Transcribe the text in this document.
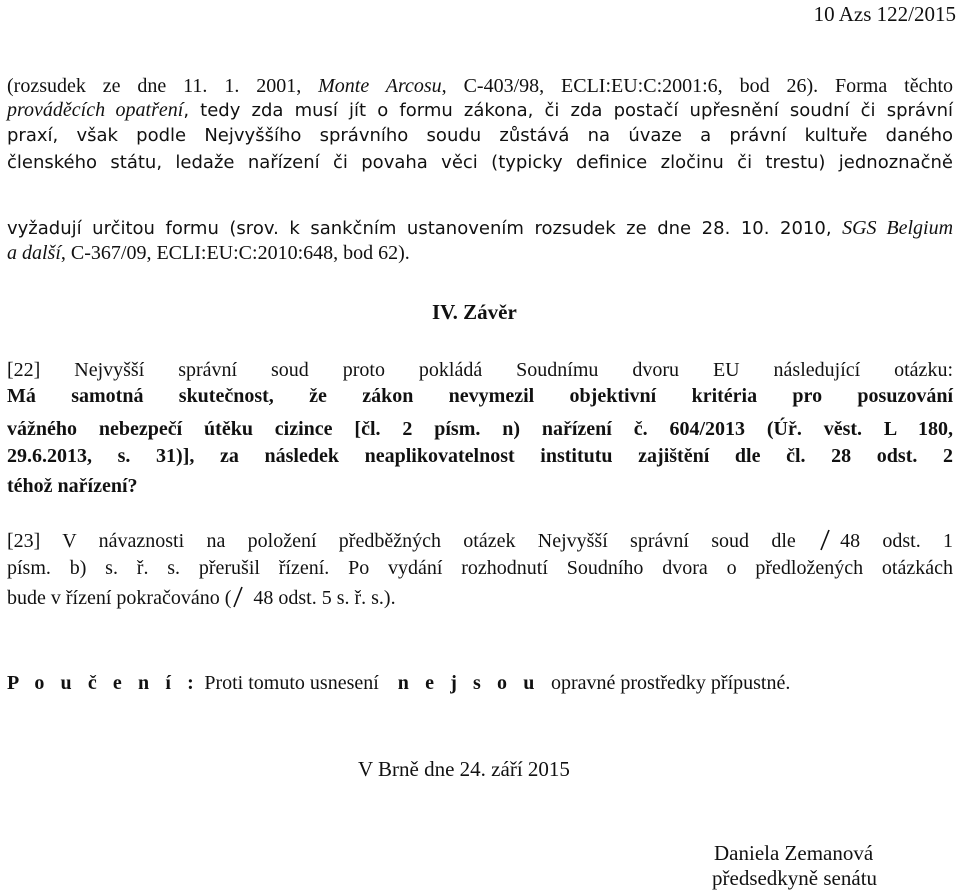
10 Azs 122/2015
(rozsudek ze dne 11. 1. 2001, Monte Arcosu, C-403/98, ECLI:EU:C:2001:6, bod 26). Forma těchto
prováděcích opatření, tedy zda musí jít o formu zákona, či zda postačí upřesnění soudní či správní
praxí, však podle Nejvyššího správního soudu zůstává na úvaze a právní kultuře daného
členského státu, ledaže nařízení či povaha věci (typicky definice zločinu či trestu) jednoznačně
vyžadují určitou formu (srov. k sankčním ustanovením rozsudek ze dne 28. 10. 2010, SGS Belgium
a další, C-367/09, ECLI:EU:C:2010:648, bod 62).
IV. Závěr
[22] Nejvyšší správní soud proto pokládá Soudnímu dvoru EU následující otázku:
Má samotná skutečnost, že zákon nevymezil objektivní kritéria pro posuzování
vážného nebezpečí útěku cizince [čl. 2 písm. n) nařízení č. 604/2013 (Úř. věst. L 180,
29.6.2013, s. 31)], za následek neaplikovatelnost institutu zajištění dle čl. 28 odst. 2
téhož nařízení?
[23] V návaznosti na položení předběžných otázek Nejvyšší správní soud dle 48 odst. 1
písm. b) s. ř. s. přerušil řízení. Po vydání rozhodnutí Soudního dvora o předložených otázkách
bude v řízení pokračováno ( 48 odst. 5 s. ř. s.).
P o u č e n í : Proti tomuto usnesení n e j s o u opravné prostředky přípustné.
V Brně dne 24. září 2015
Daniela Zemanová
předsedkyně senátu
